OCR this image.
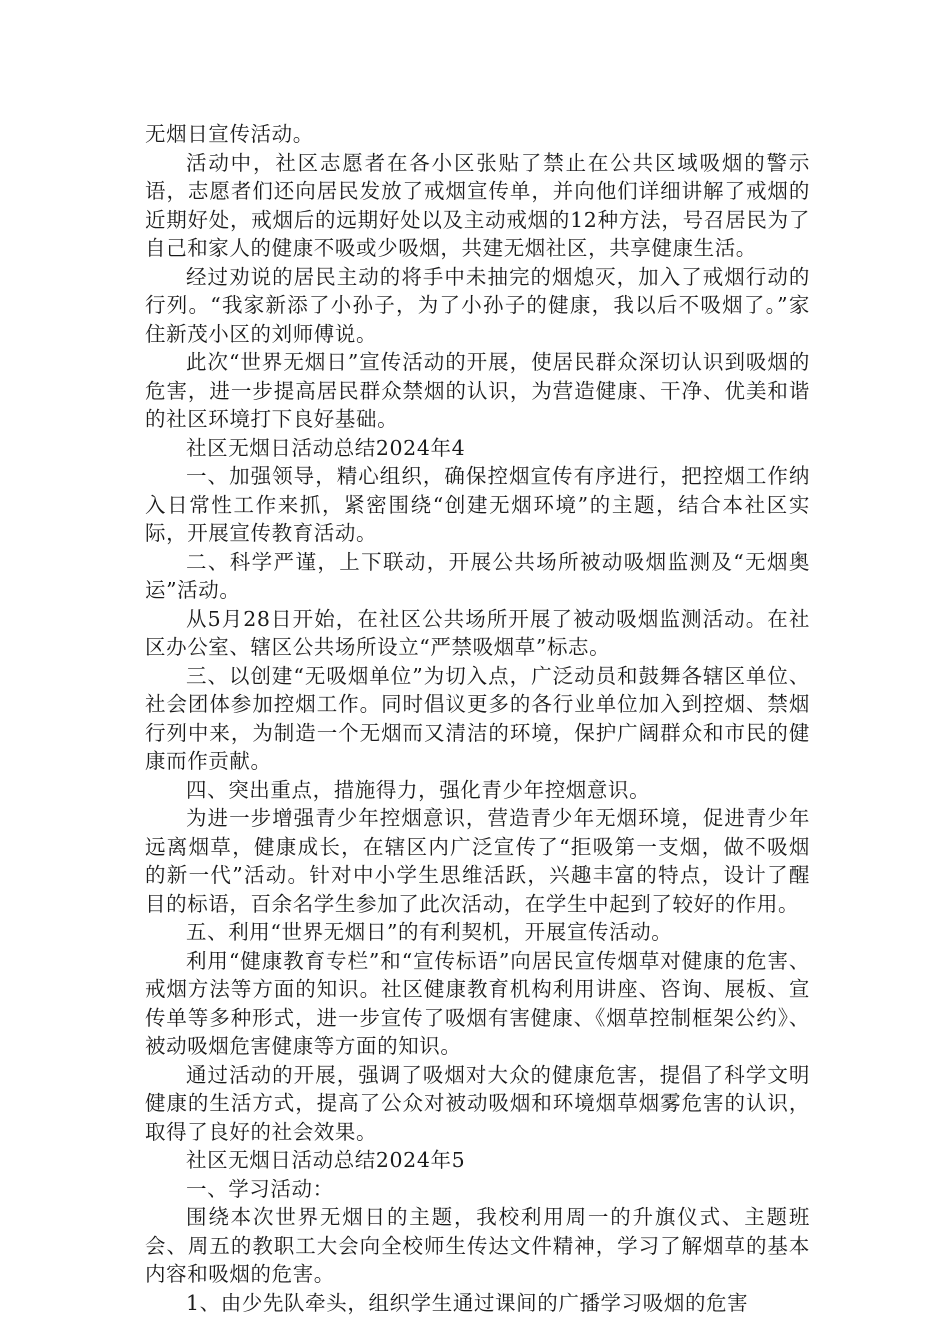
无烟日宣传活动。

活动中，社区志愿者在各小区张贴了禁止在公共区域吸烟的警示语，志愿者们还向居民发放了戒烟宣传单，并向他们详细讲解了戒烟的近期好处，戒烟后的远期好处以及主动戒烟的12种方法，号召居民为了自己和家人的健康不吸或少吸烟，共建无烟社区，共享健康生活。

经过劝说的居民主动的将手中未抽完的烟熄灭，加入了戒烟行动的行列。“我家新添了小孙子，为了小孙子的健康，我以后不吸烟了。”家住新茂小区的刘师傅说。

此次“世界无烟日”宣传活动的开展，使居民群众深切认识到吸烟的危害，进一步提高居民群众禁烟的认识，为营造健康、干净、优美和谐的社区环境打下良好基础。

社区无烟日活动总结2024年4

一、加强领导，精心组织，确保控烟宣传有序进行，把控烟工作纳入日常性工作来抓，紧密围绕“创建无烟环境”的主题，结合本社区实际，开展宣传教育活动。

二、科学严谨，上下联动，开展公共场所被动吸烟监测及“无烟奥运”活动。

从5月28日开始，在社区公共场所开展了被动吸烟监测活动。在社区办公室、辖区公共场所设立“严禁吸烟草”标志。

三、以创建“无吸烟单位”为切入点，广泛动员和鼓舞各辖区单位、社会团体参加控烟工作。同时倡议更多的各行业单位加入到控烟、禁烟行列中来，为制造一个无烟而又清洁的环境，保护广阔群众和市民的健康而作贡献。

四、突出重点，措施得力，强化青少年控烟意识。

为进一步增强青少年控烟意识，营造青少年无烟环境，促进青少年远离烟草，健康成长，在辖区内广泛宣传了“拒吸第一支烟，做不吸烟的新一代”活动。针对中小学生思维活跃，兴趣丰富的特点，设计了醒目的标语，百余名学生参加了此次活动，在学生中起到了较好的作用。

五、利用“世界无烟日”的有利契机，开展宣传活动。

利用“健康教育专栏”和“宣传标语”向居民宣传烟草对健康的危害、戒烟方法等方面的知识。社区健康教育机构利用讲座、咨询、展板、宣传单等多种形式，进一步宣传了吸烟有害健康、《烟草控制框架公约》、被动吸烟危害健康等方面的知识。

通过活动的开展，强调了吸烟对大众的健康危害，提倡了科学文明健康的生活方式，提高了公众对被动吸烟和环境烟草烟雾危害的认识，取得了良好的社会效果。

社区无烟日活动总结2024年5

一、学习活动：

围绕本次世界无烟日的主题，我校利用周一的升旗仪式、主题班会、周五的教职工大会向全校师生传达文件精神，学习了解烟草的基本内容和吸烟的危害。

1、由少先队牵头，组织学生通过课间的广播学习吸烟的危害
